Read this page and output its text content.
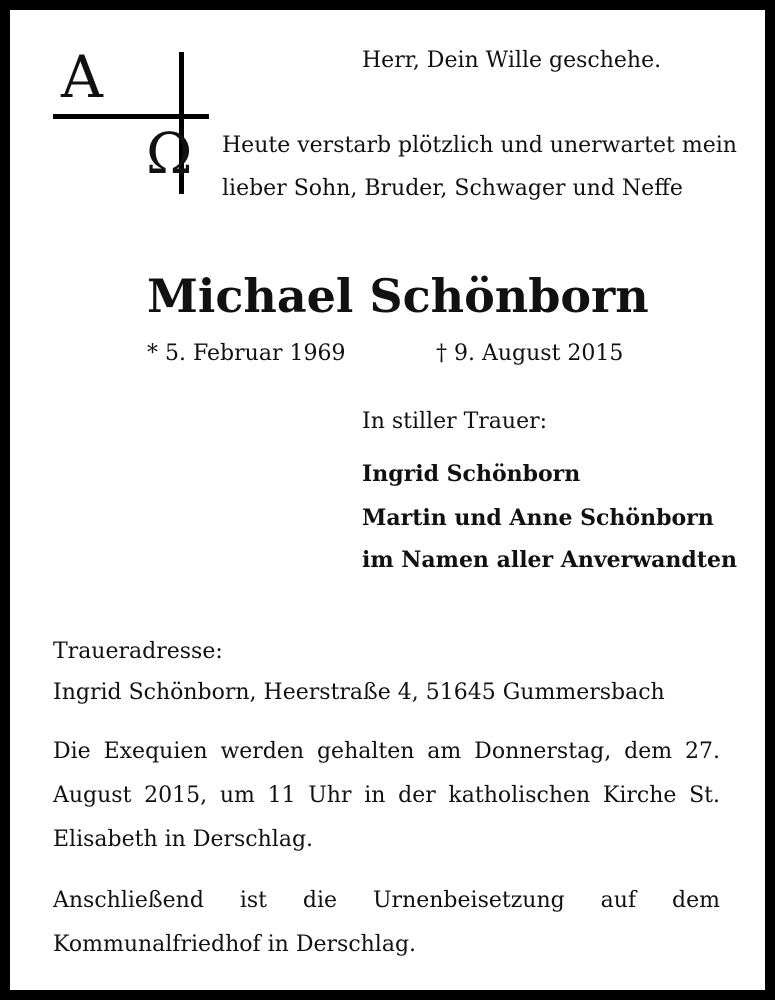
A
Ω
Herr, Dein Wille geschehe.
Heute verstarb plötzlich und unerwartet mein
lieber Sohn, Bruder, Schwager und Neffe
Michael Schönborn
* 5. Februar 1969	† 9. August 2015
In stiller Trauer:
Ingrid Schönborn
Martin und Anne Schönborn
im Namen aller Anverwandten
Traueradresse:
Ingrid Schönborn, Heerstraße 4, 51645 Gummersbach
Die Exequien werden gehalten am Donnerstag, dem 27. August 2015, um 11 Uhr in der katholischen Kirche St. Elisabeth in Derschlag.
Anschließend ist die Urnenbeisetzung auf dem Kommunalfriedhof in Derschlag.
